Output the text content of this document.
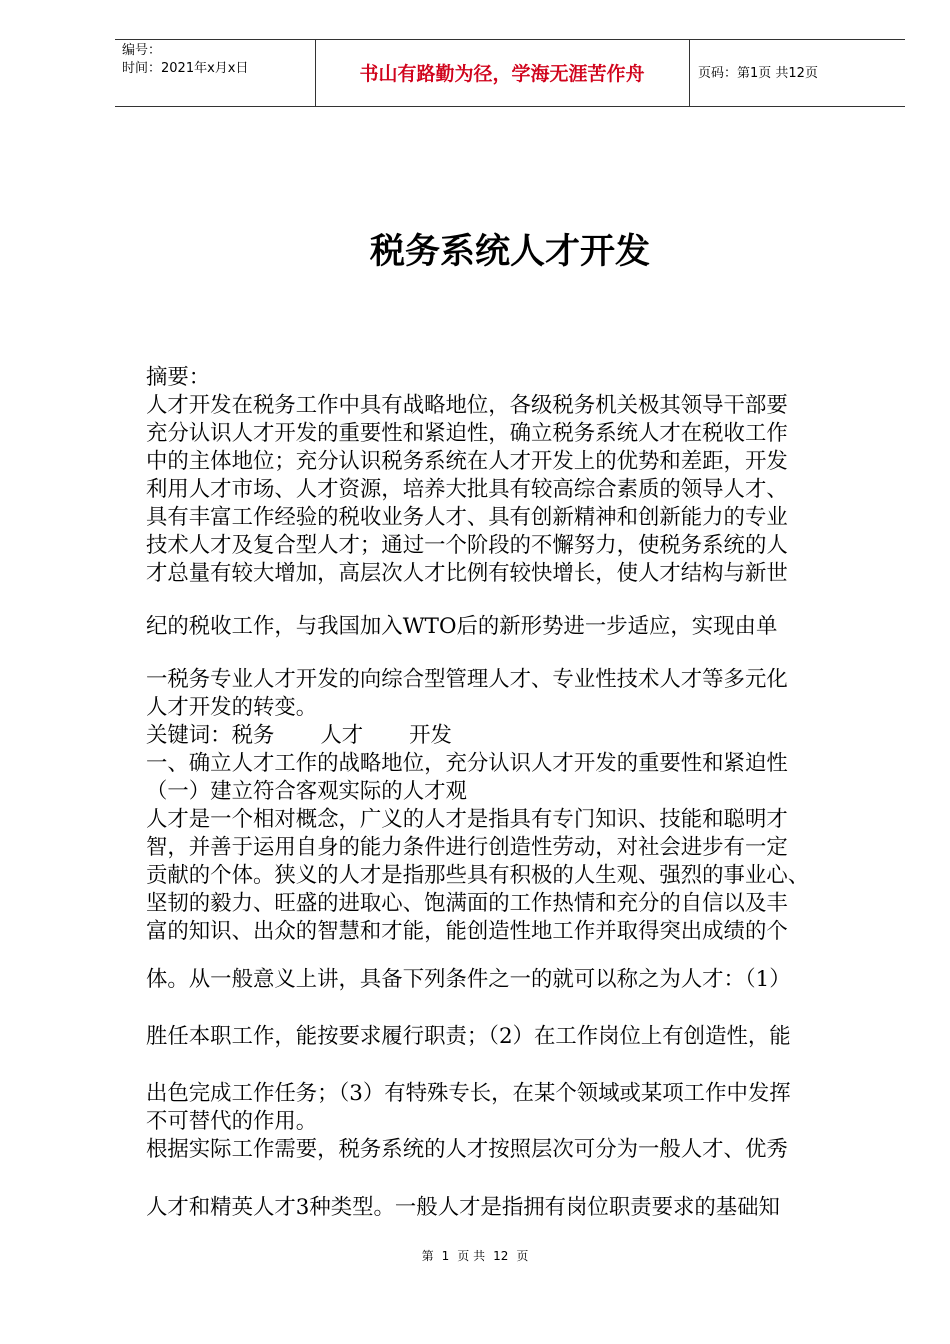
编号：
时间：2021年x月x日	书山有路勤为径，学海无涯苦作舟	页码：第1页 共12页
税务系统人才开发
摘要：
人才开发在税务工作中具有战略地位，各级税务机关极其领导干部要
充分认识人才开发的重要性和紧迫性，确立税务系统人才在税收工作
中的主体地位；充分认识税务系统在人才开发上的优势和差距，开发
利用人才市场、人才资源，培养大批具有较高综合素质的领导人才、
具有丰富工作经验的税收业务人才、具有创新精神和创新能力的专业
技术人才及复合型人才；通过一个阶段的不懈努力，使税务系统的人
才总量有较大增加，高层次人才比例有较快增长，使人才结构与新世
纪的税收工作，与我国加入WTO后的新形势进一步适应，实现由单
一税务专业人才开发的向综合型管理人才、专业性技术人才等多元化
人才开发的转变。
关键词：税务 人才 开发
一、确立人才工作的战略地位，充分认识人才开发的重要性和紧迫性
（一）建立符合客观实际的人才观
人才是一个相对概念，广义的人才是指具有专门知识、技能和聪明才
智，并善于运用自身的能力条件进行创造性劳动，对社会进步有一定
贡献的个体。狭义的人才是指那些具有积极的人生观、强烈的事业心、
坚韧的毅力、旺盛的进取心、饱满面的工作热情和充分的自信以及丰
富的知识、出众的智慧和才能，能创造性地工作并取得突出成绩的个
体。从一般意义上讲，具备下列条件之一的就可以称之为人才：（1）
胜任本职工作，能按要求履行职责；（2）在工作岗位上有创造性，能
出色完成工作任务；（3）有特殊专长，在某个领域或某项工作中发挥
不可替代的作用。
根据实际工作需要，税务系统的人才按照层次可分为一般人才、优秀
人才和精英人才3种类型。一般人才是指拥有岗位职责要求的基础知
第 1 页 共 12 页
